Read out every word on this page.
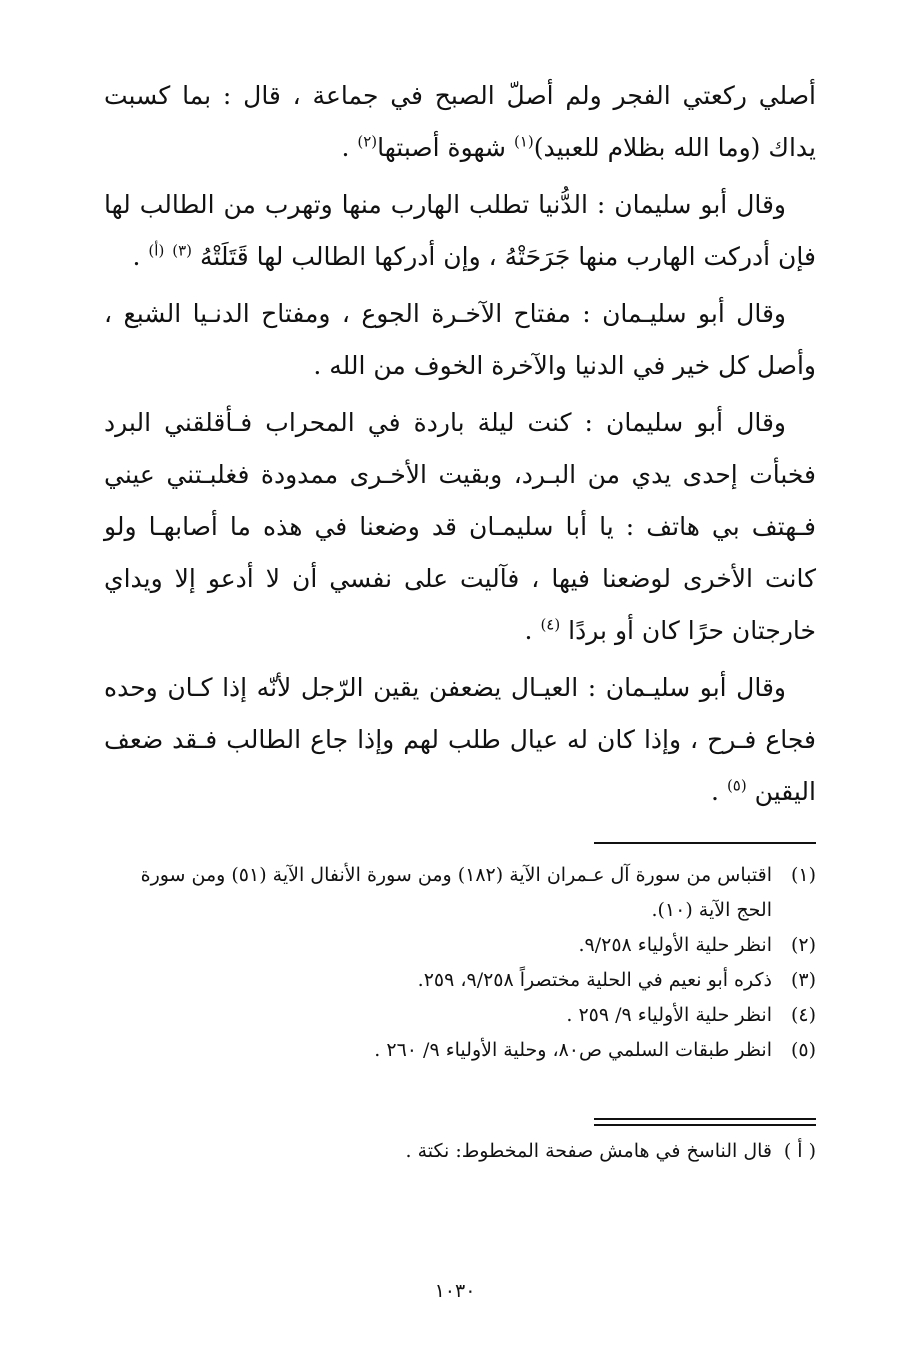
أصلي ركعتي الفجر ولم أصلّ الصبح في جماعة ، قال : بما كسبت يداك (وما الله بظلام للعبيد)$^{(١)}$ شهوة أصبتها$^{(٢)}$ .

وقال أبو سليمان : الدُّنيا تطلب الهارب منها وتهرب من الطالب لها فإن أدركت الهارب منها جَرَحَتْهُ ، وإن أدركها الطالب لها قَتَلَتْهُ $^{(٣)}$ $^{(أ)}$ .

وقال أبو سليـمان : مفتاح الآخـرة الجوع ، ومفتاح الدنـيا الشبع ، وأصل كل خير في الدنيا والآخرة الخوف من الله .

وقال أبو سليمان : كنت ليلة باردة في المحراب فـأقلقني البرد فخبأت إحدى يدي من البـرد، وبقيت الأخـرى ممدودة فغلبـتني عيني فـهتف بي هاتف : يا أبا سليمـان قد وضعنا في هذه ما أصابهـا ولو كانت الأخرى لوضعنا فيها ، فآليت على نفسي أن لا أدعو إلا ويداي خارجتان حرًا كان أو بردًا $^{(٤)}$ .

وقال أبو سليـمان : العيـال يضعفن يقين الرّجل لأنّه إذا كـان وحده فجاع فـرح ، وإذا كان له عيال طلب لهم وإذا جاع الطالب فـقد ضعف اليقين $^{(٥)}$ .

(١)
اقتباس من سورة آل عـمران الآية (١٨٢) ومن سورة الأنفال الآية (٥١) ومن سورة الحج الآية (١٠).
(٢)
انظر حلية الأولياء ٩/٢٥٨.
(٣)
ذكره أبو نعيم في الحلية مختصراً ٩/٢٥٨، ٢٥٩.
(٤)
انظر حلية الأولياء ٩/ ٢٥٩ .
(٥)
انظر طبقات السلمي ص٨٠، وحلية الأولياء ٩/ ٢٦٠ .
( أ )
قال الناسخ في هامش صفحة المخطوط: نكتة .
١٠٣٠
